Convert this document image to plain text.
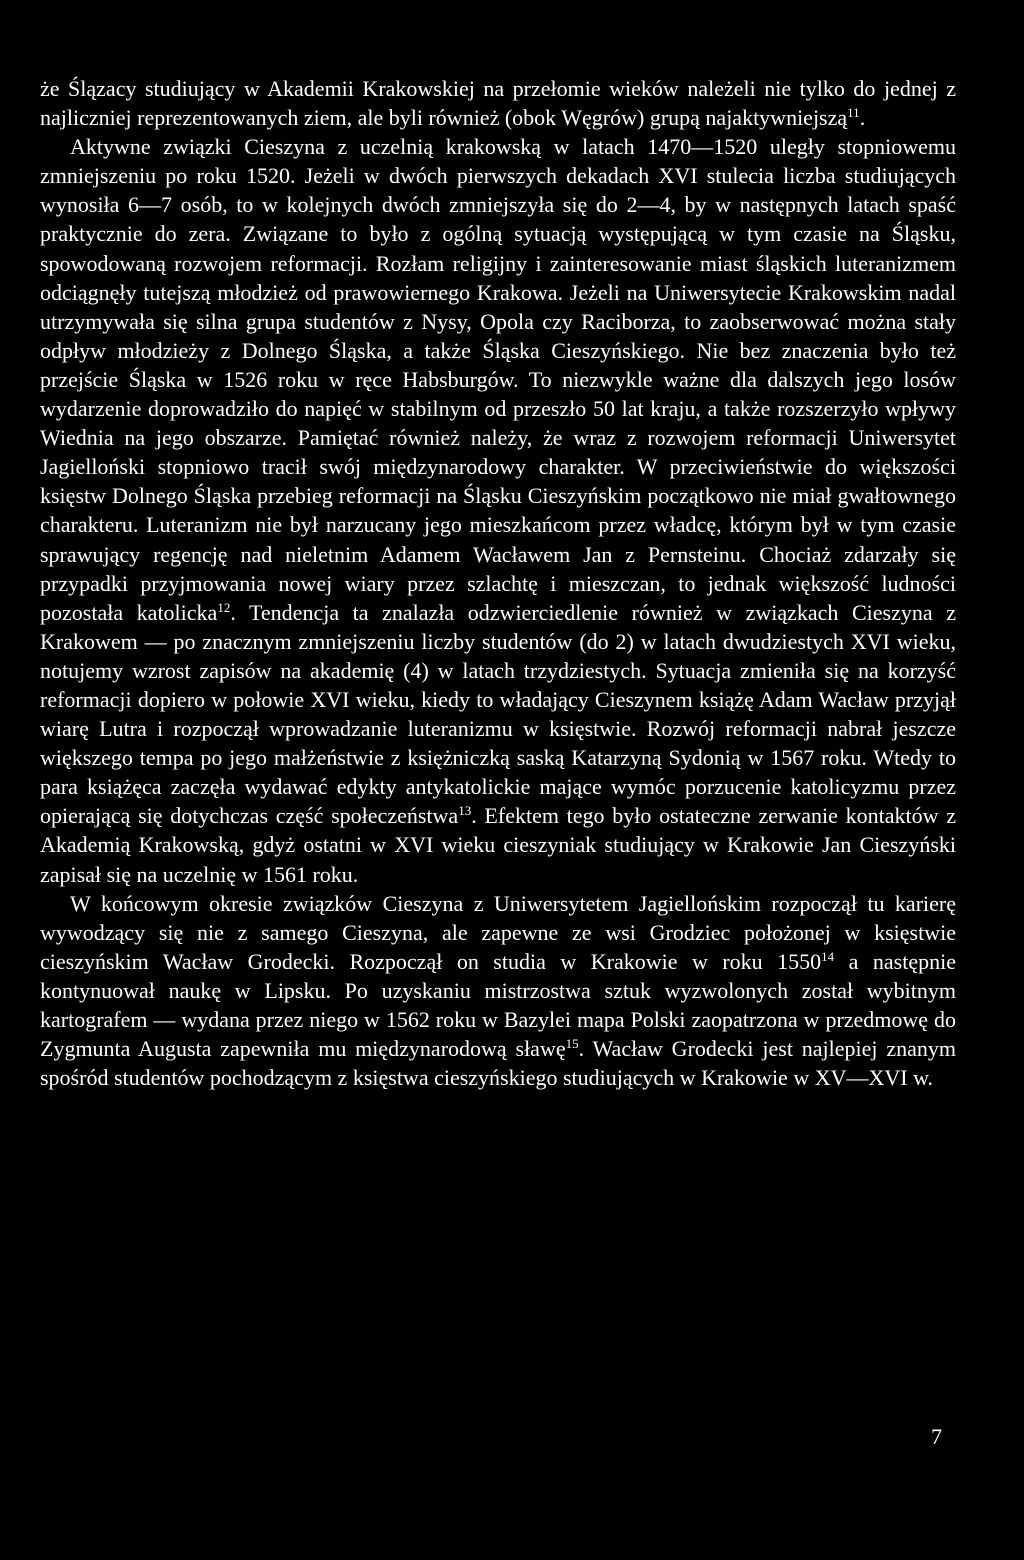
że Ślązacy studiujący w Akademii Krakowskiej na przełomie wieków należeli nie tylko do jednej z najliczniej reprezentowanych ziem, ale byli również (obok Węgrów) grupą najaktywniejszą$^{11}$.

Aktywne związki Cieszyna z uczelnią krakowską w latach 1470—1520 uległy stopniowemu zmniejszeniu po roku 1520. Jeżeli w dwóch pierwszych dekadach XVI stulecia liczba studiujących wynosiła 6—7 osób, to w kolejnych dwóch zmniejszyła się do 2—4, by w następnych latach spaść praktycznie do zera. Związane to było z ogólną sytuacją występującą w tym czasie na Śląsku, spowodowaną rozwojem reformacji. Rozłam religijny i zainteresowanie miast śląskich luteranizmem odciągnęły tutejszą młodzież od prawowiernego Krakowa. Jeżeli na Uniwersytecie Krakowskim nadal utrzymywała się silna grupa studentów z Nysy, Opola czy Raciborza, to zaobserwować można stały odpływ młodzieży z Dolnego Śląska, a także Śląska Cieszyńskiego. Nie bez znaczenia było też przejście Śląska w 1526 roku w ręce Habsburgów. To niezwykle ważne dla dalszych jego losów wydarzenie doprowadziło do napięć w stabilnym od przeszło 50 lat kraju, a także rozszerzyło wpływy Wiednia na jego obszarze. Pamiętać również należy, że wraz z rozwojem reformacji Uniwersytet Jagielloński stopniowo tracił swój międzynarodowy charakter. W przeciwieństwie do większości księstw Dolnego Śląska przebieg reformacji na Śląsku Cieszyńskim początkowo nie miał gwałtownego charakteru. Luteranizm nie był narzucany jego mieszkańcom przez władcę, którym był w tym czasie sprawujący regencję nad nieletnim Adamem Wacławem Jan z Pernsteinu. Chociaż zdarzały się przypadki przyjmowania nowej wiary przez szlachtę i mieszczan, to jednak większość ludności pozostała katolicka$^{12}$. Tendencja ta znalazła odzwierciedlenie również w związkach Cieszyna z Krakowem — po znacznym zmniejszeniu liczby studentów (do 2) w latach dwudziestych XVI wieku, notujemy wzrost zapisów na akademię (4) w latach trzydziestych. Sytuacja zmieniła się na korzyść reformacji dopiero w połowie XVI wieku, kiedy to władający Cieszynem książę Adam Wacław przyjął wiarę Lutra i rozpoczął wprowadzanie luteranizmu w księstwie. Rozwój reformacji nabrał jeszcze większego tempa po jego małżeństwie z księżniczką saską Katarzyną Sydonią w 1567 roku. Wtedy to para książęca zaczęła wydawać edykty antykatolickie mające wymóc porzucenie katolicyzmu przez opierającą się dotychczas część społeczeństwa$^{13}$. Efektem tego było ostateczne zerwanie kontaktów z Akademią Krakowską, gdyż ostatni w XVI wieku cieszyniak studiujący w Krakowie Jan Cieszyński zapisał się na uczelnię w 1561 roku.

W końcowym okresie związków Cieszyna z Uniwersytetem Jagiellońskim rozpoczął tu karierę wywodzący się nie z samego Cieszyna, ale zapewne ze wsi Grodziec położonej w księstwie cieszyńskim Wacław Grodecki. Rozpoczął on studia w Krakowie w roku 1550$^{14}$ a następnie kontynuował naukę w Lipsku. Po uzyskaniu mistrzostwa sztuk wyzwolonych został wybitnym kartografem — wydana przez niego w 1562 roku w Bazylei mapa Polski zaopatrzona w przedmowę do Zygmunta Augusta zapewniła mu międzynarodową sławę$^{15}$. Wacław Grodecki jest najlepiej znanym spośród studentów pochodzącym z księstwa cieszyńskiego studiujących w Krakowie w XV—XVI w.

7
